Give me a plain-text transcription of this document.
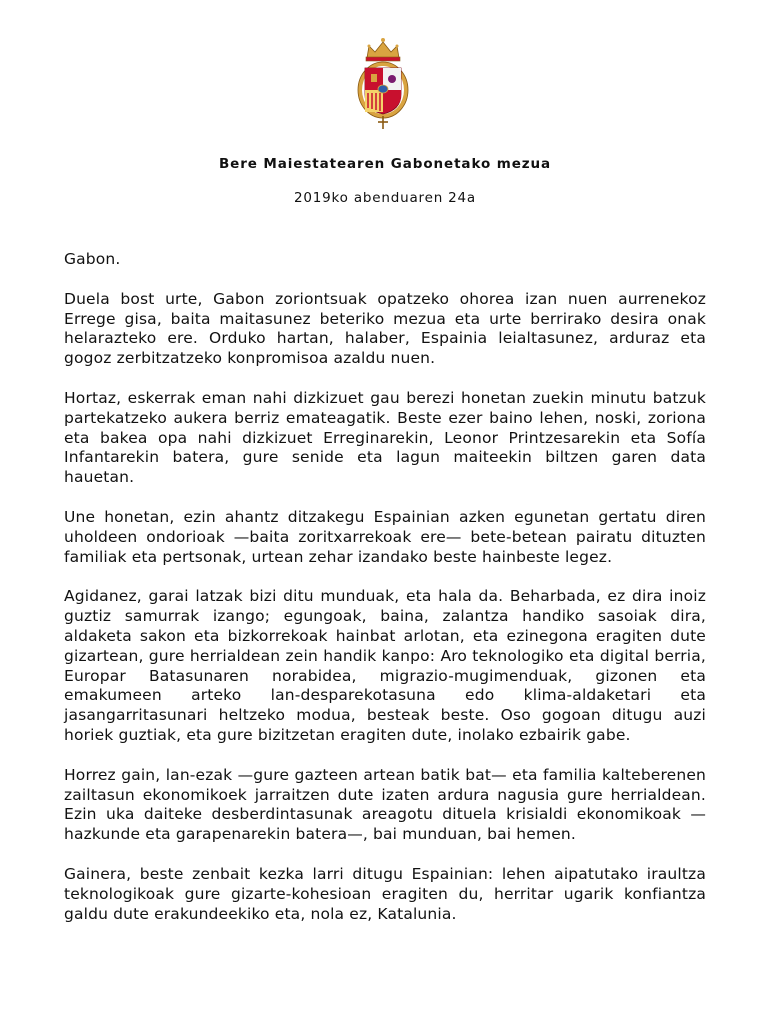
Bere Maiestatearen Gabonetako mezua

2019ko abenduaren 24a

Gabon.

Duela bost urte, Gabon zoriontsuak opatzeko ohorea izan nuen aurrenekoz Errege gisa, baita maitasunez beteriko mezua eta urte berrirako desira onak helarazteko ere. Orduko hartan, halaber, Espainia leialtasunez, arduraz eta gogoz zerbitzatzeko konpromisoa azaldu nuen.

Hortaz, eskerrak eman nahi dizkizuet gau berezi honetan zuekin minutu batzuk partekatzeko aukera berriz emateagatik. Beste ezer baino lehen, noski, zoriona eta bakea opa nahi dizkizuet Erreginarekin, Leonor Printzesarekin eta Sofía Infantarekin batera, gure senide eta lagun maiteekin biltzen garen data hauetan.

Une honetan, ezin ahantz ditzakegu Espainian azken egunetan gertatu diren uholdeen ondorioak —baita zoritxarrekoak ere— bete-betean pairatu dituzten familiak eta pertsonak, urtean zehar izandako beste hainbeste legez.

Agidanez, garai latzak bizi ditu munduak, eta hala da. Beharbada, ez dira inoiz guztiz samurrak izango; egungoak, baina, zalantza handiko sasoiak dira, aldaketa sakon eta bizkorrekoak hainbat arlotan, eta ezinegona eragiten dute gizartean, gure herrialdean zein handik kanpo: Aro teknologiko eta digital berria, Europar Batasunaren norabidea, migrazio-mugimenduak, gizonen eta emakumeen arteko lan-desparekotasuna edo klima-aldaketari eta jasangarritasunari heltzeko modua, besteak beste. Oso gogoan ditugu auzi horiek guztiak, eta gure bizitzetan eragiten dute, inolako ezbairik gabe.

Horrez gain, lan-ezak —gure gazteen artean batik bat— eta familia kalteberenen zailtasun ekonomikoek jarraitzen dute izaten ardura nagusia gure herrialdean. Ezin uka daiteke desberdintasunak areagotu dituela krisialdi ekonomikoak —hazkunde eta garapenarekin batera—, bai munduan, bai hemen.

Gainera, beste zenbait kezka larri ditugu Espainian: lehen aipatutako iraultza teknologikoak gure gizarte-kohesioan eragiten du, herritar ugarik konfiantza galdu dute erakundeekiko eta, nola ez, Katalunia.
